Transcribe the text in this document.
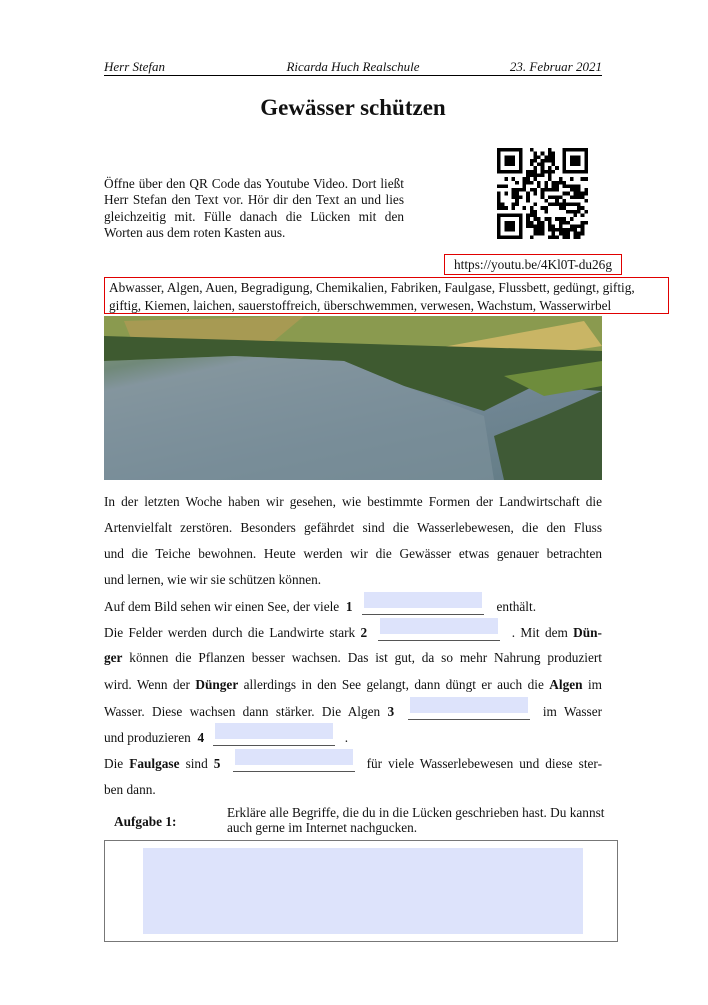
Herr Stefan	Ricarda Huch Realschule	23. Februar 2021
Gewässer schützen
Öffne über den QR Code das Youtube Video. Dort ließt Herr Stefan den Text vor. Hör dir den Text an und lies gleichzeitig mit. Fülle danach die Lücken mit den Worten aus dem roten Kasten aus.
https://youtu.be/4Kl0T-du26g
Abwasser, Algen, Auen, Begradigung, Chemikalien, Fabriken, Faulgase, Flussbett, gedüngt, giftig,
giftig, Kiemen, laichen, sauerstoffreich, überschwemmen, verwesen, Wachstum, Wasserwirbel
In der letzten Woche haben wir gesehen, wie bestimmte Formen der Landwirtschaft die
Artenvielfalt zerstören. Besonders gefährdet sind die Wasserlebewesen, die den Fluss
und die Teiche bewohnen. Heute werden wir die Gewässer etwas genauer betrachten
und lernen, wie wir sie schützen können.
Auf dem Bild sehen wir einen See, der viele 1	enthält.
Die Felder werden durch die Landwirte stark 2	. Mit dem Dün-
ger können die Pflanzen besser wachsen. Das ist gut, da so mehr Nahrung produziert
wird. Wenn der Dünger allerdings in den See gelangt, dann düngt er auch die Algen im
Wasser. Diese wachsen dann stärker. Die Algen 3	im Wasser
und produzieren 4	.
Die Faulgase sind 5	für viele Wasserlebewesen und diese ster-
ben dann.
Aufgabe 1:
Erkläre alle Begriffe, die du in die Lücken geschrieben hast. Du kannst auch gerne im Internet nachgucken.
